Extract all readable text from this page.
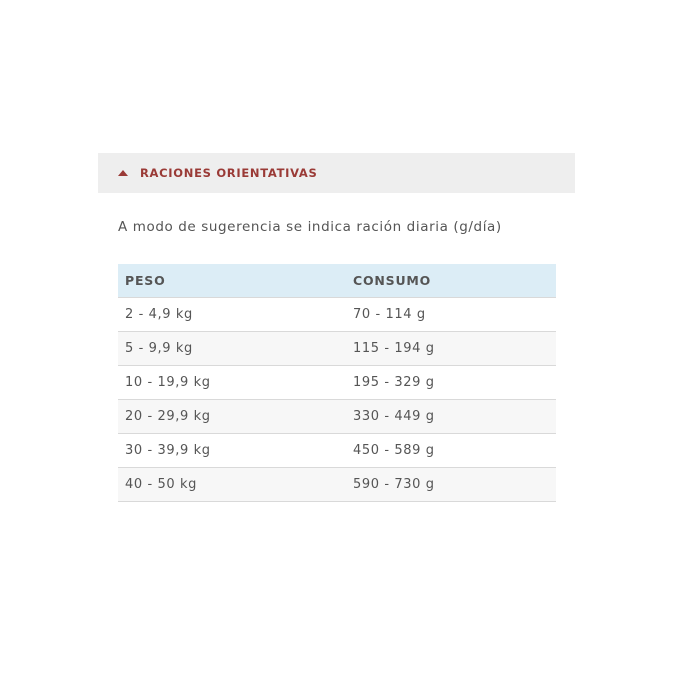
RACIONES ORIENTATIVAS
A modo de sugerencia se indica ración diaria (g/día)
PESO	CONSUMO
2 - 4,9 kg	70 - 114 g
5 - 9,9 kg	115 - 194 g
10 - 19,9 kg	195 - 329 g
20 - 29,9 kg	330 - 449 g
30 - 39,9 kg	450 - 589 g
40 - 50 kg	590 - 730 g
